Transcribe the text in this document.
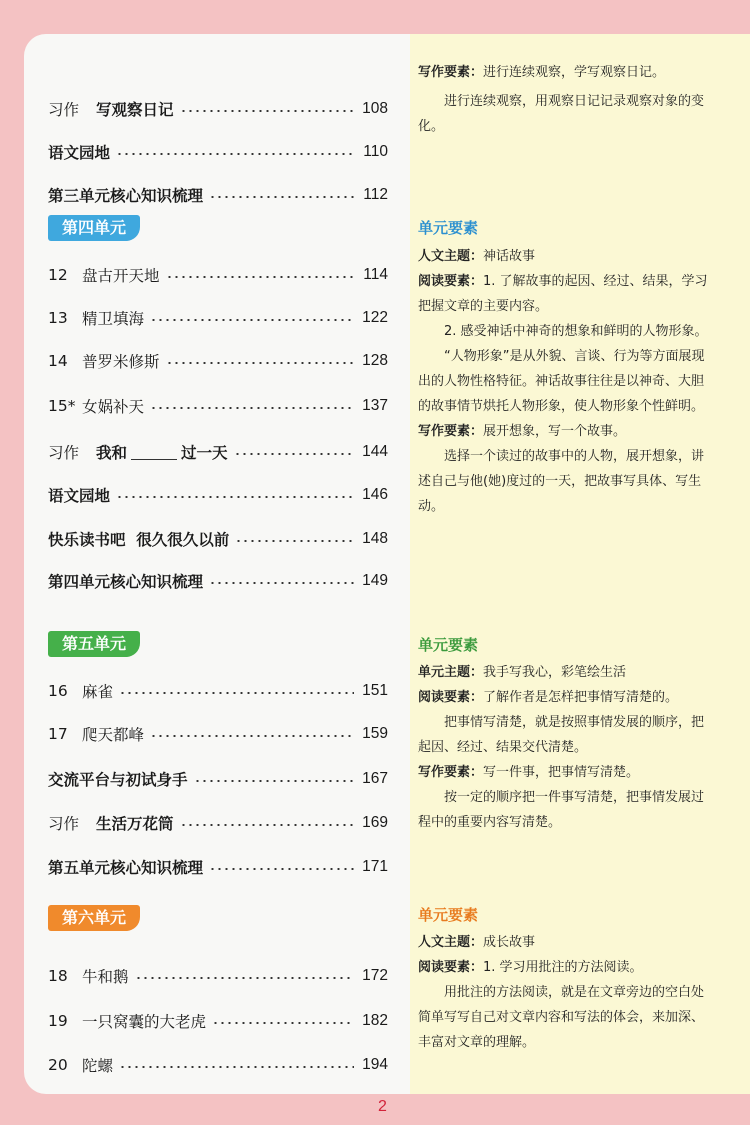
习作	写观察日记	108
语文园地	110
第三单元核心知识梳理	112
第四单元
12 盘古开天地	114
13 精卫填海	122
14 普罗米修斯	128
15* 女娲补天	137
习作	我和	过一天	144
语文园地	146
快乐读书吧  很久很久以前	148
第四单元核心知识梳理	149
第五单元
16 麻雀	151
17 爬天都峰	159
交流平台与初试身手	167
习作	生活万花筒	169
第五单元核心知识梳理	171
第六单元
18 牛和鹅	172
19 一只窝囊的大老虎	182
20 陀螺	194

写作要素：进行连续观察，学写观察日记。

进行连续观察，用观察日记记录观察对象的变化。

单元要素

人文主题：神话故事

阅读要素：1. 了解故事的起因、经过、结果，学习把握文章的主要内容。

2. 感受神话中神奇的想象和鲜明的人物形象。

“人物形象”是从外貌、言谈、行为等方面展现出的人物性格特征。神话故事往往是以神奇、大胆的故事情节烘托人物形象，使人物形象个性鲜明。

写作要素：展开想象，写一个故事。

选择一个读过的故事中的人物，展开想象，讲述自己与他(她)度过的一天，把故事写具体、写生动。

单元要素

单元主题：我手写我心，彩笔绘生活

阅读要素：了解作者是怎样把事情写清楚的。

把事情写清楚，就是按照事情发展的顺序，把起因、经过、结果交代清楚。

写作要素：写一件事，把事情写清楚。

按一定的顺序把一件事写清楚，把事情发展过程中的重要内容写清楚。

单元要素

人文主题：成长故事

阅读要素：1. 学习用批注的方法阅读。

用批注的方法阅读，就是在文章旁边的空白处简单写写自己对文章内容和写法的体会，来加深、丰富对文章的理解。

2
